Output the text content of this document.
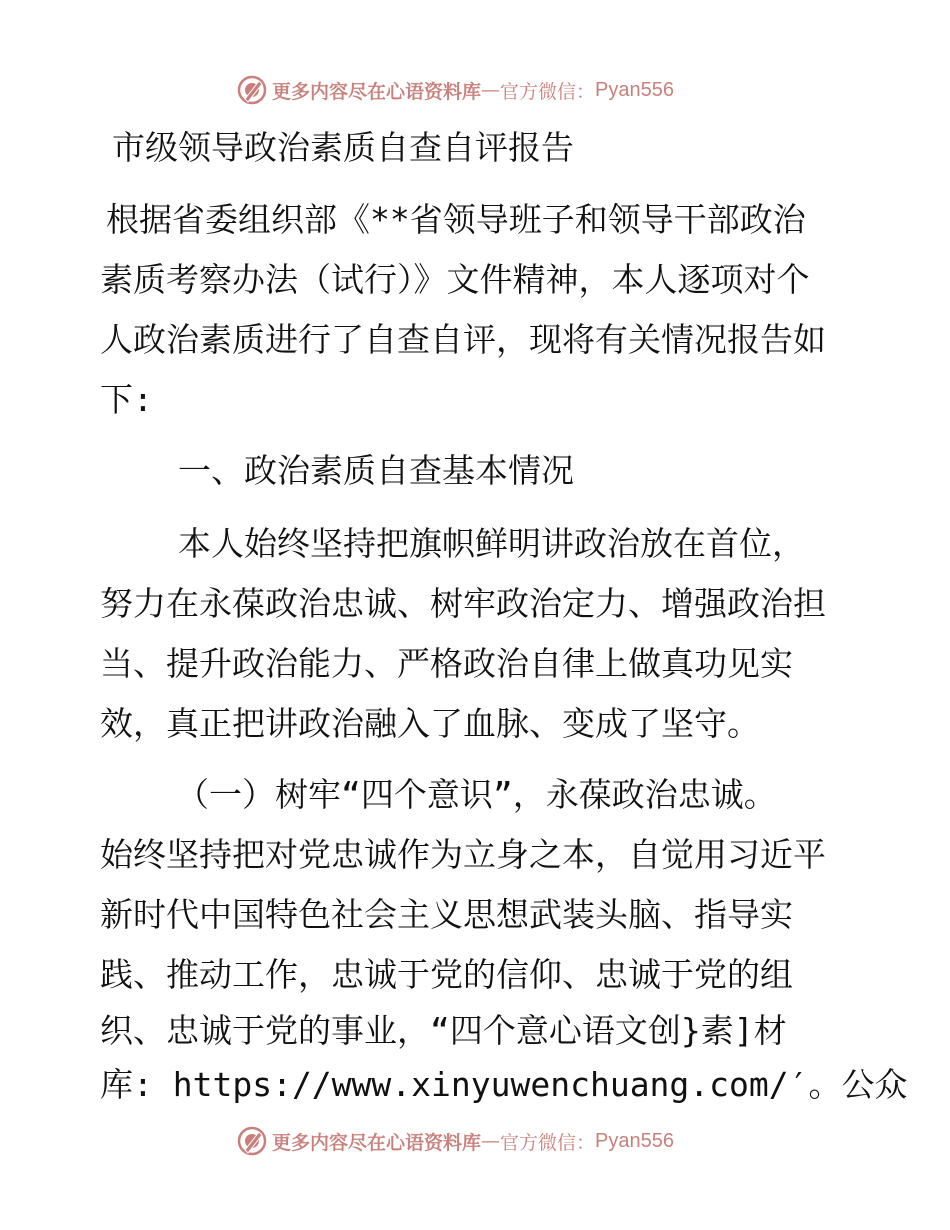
更多内容尽在心语资料库 — 官方微信： Pyan556
市级领导政治素质自查自评报告
根据省委组织部《**省领导班子和领导干部政治
素质考察办法（试行）》文件精神，本人逐项对个
人政治素质进行了自查自评，现将有关情况报告如
下:
一、政治素质自查基本情况
本人始终坚持把旗帜鲜明讲政治放在首位，
努力在永葆政治忠诚、树牢政治定力、增强政治担
当、提升政治能力、严格政治自律上做真功见实
效，真正把讲政治融入了血脉、变成了坚守。
（一）树牢“四个意识”，永葆政治忠诚。
始终坚持把对党忠诚作为立身之本，自觉用习近平
新时代中国特色社会主义思想武装头脑、指导实
践、推动工作，忠诚于党的信仰、忠诚于党的组
织、忠诚于党的事业，“四个意心语文创}素]材
库: https://www.xinyuwenchuang.com/′。公众
更多内容尽在心语资料库 — 官方微信： Pyan556
